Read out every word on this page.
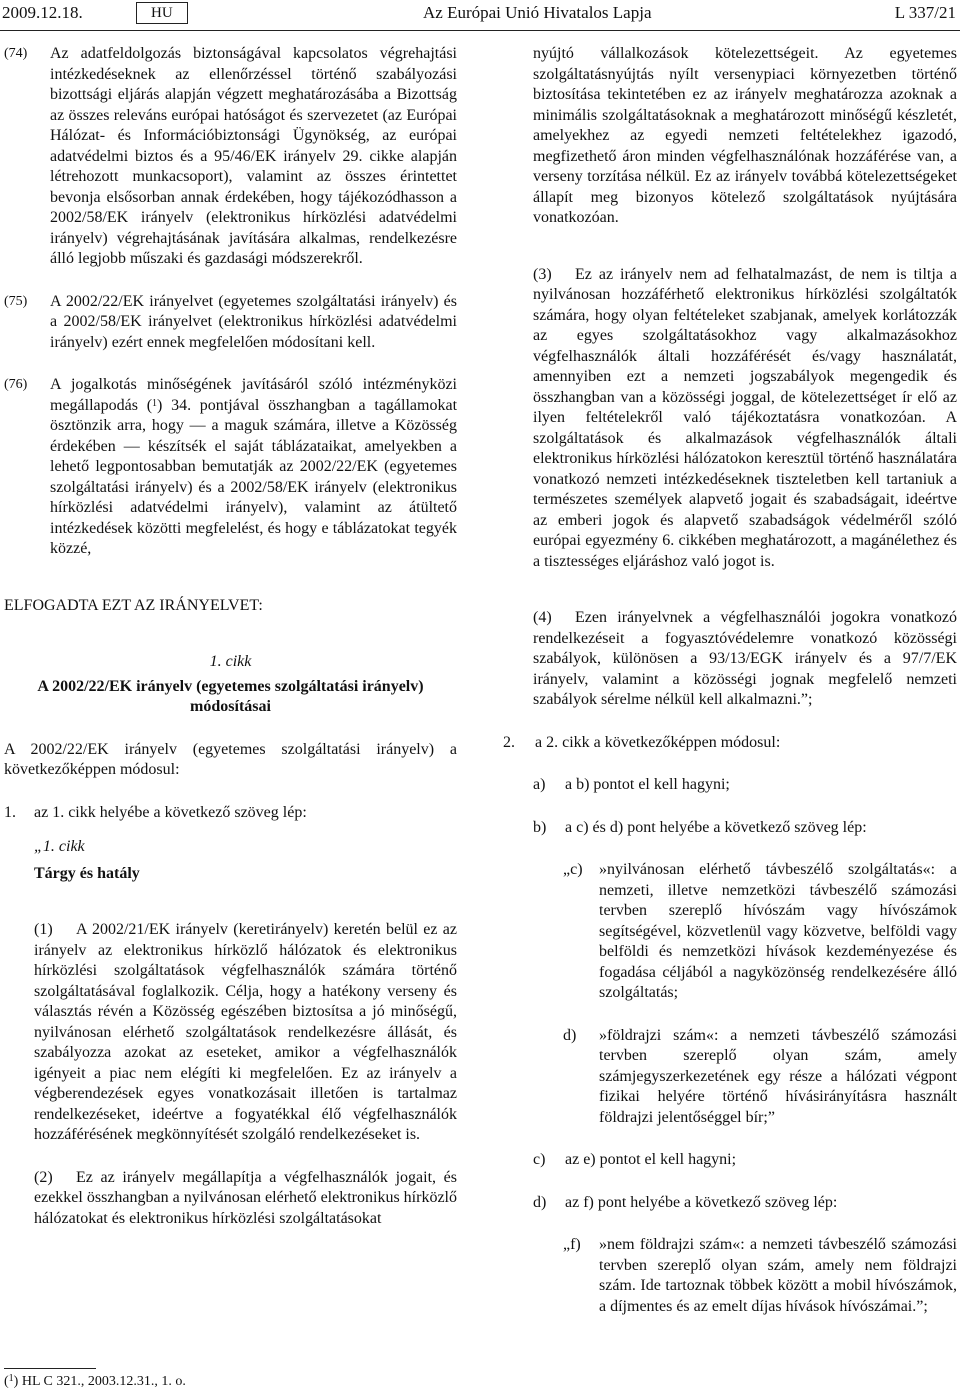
2009.12.18.	HU	Az Európai Unió Hivatalos Lapja	L 337/21
(74)	Az adatfeldolgozás biztonságával kapcsolatos végrehajtási intézkedéseknek az ellenőrzéssel történő szabályozási bizottsági eljárás alapján végzett meghatározásába a Bizottság az összes releváns európai hatóságot és szervezetet (az Európai Hálózat- és Információbiztonsági Ügynökség, az európai adatvédelmi biztos és a 95/46/EK irányelv 29. cikke alapján létrehozott munkacsoport), valamint az összes érintettet bevonja elsősorban annak érdekében, hogy tájékozódhasson a 2002/58/EK irányelv (elektronikus hírközlési adatvédelmi irányelv) végrehajtásának javítására alkalmas, rendelkezésre álló legjobb műszaki és gazdasági módszerekről.
(75)	A 2002/22/EK irányelvet (egyetemes szolgáltatási irányelv) és a 2002/58/EK irányelvet (elektronikus hírközlési adatvédelmi irányelv) ezért ennek megfelelően módosítani kell.
(76)	A jogalkotás minőségének javításáról szóló intézményközi megállapodás ($^1$) 34. pontjával összhangban a tagállamokat ösztönzik arra, hogy — a maguk számára, illetve a Közösség érdekében — készítsék el saját táblázataikat, amelyekben a lehető legpontosabban bemutatják az 2002/22/EK (egyetemes szolgáltatási irányelv) és a 2002/58/EK irányelv (elektronikus hírközlési adatvédelmi irányelv), valamint az átültető intézkedések közötti megfelelést, és hogy e táblázatokat tegyék közzé,
ELFOGADTA EZT AZ IRÁNYELVET:
1. cikk
A 2002/22/EK irányelv (egyetemes szolgáltatási irányelv) módosításai
A 2002/22/EK irányelv (egyetemes szolgáltatási irányelv) a következőképpen módosul:
1.	az 1. cikk helyébe a következő szöveg lép:
„1. cikk
Tárgy és hatály
(1) A 2002/21/EK irányelv (keretirányelv) keretén belül ez az irányelv az elektronikus hírközlő hálózatok és elektronikus hírközlési szolgáltatások végfelhasználók számára történő szolgáltatásával foglalkozik. Célja, hogy a hatékony verseny és választás révén a Közösség egészében biztosítsa a jó minőségű, nyilvánosan elérhető szolgáltatások rendelkezésre állását, és szabályozza azokat az eseteket, amikor a végfelhasználók igényeit a piac nem elégíti ki megfelelően. Ez az irányelv a végberendezések egyes vonatkozásait illetően is tartalmaz rendelkezéseket, ideértve a fogyatékkal élő végfelhasználók hozzáférésének megkönnyítését szolgáló rendelkezéseket is.
(2) Ez az irányelv megállapítja a végfelhasználók jogait, és ezekkel összhangban a nyilvánosan elérhető elektronikus hírközlő hálózatokat és elektronikus hírközlési szolgáltatásokat
nyújtó vállalkozások kötelezettségeit. Az egyetemes szolgáltatásnyújtás nyílt versenypiaci környezetben történő biztosítása tekintetében ez az irányelv meghatározza azoknak a minimális szolgáltatásoknak a meghatározott minőségű készletét, amelyekhez az egyedi nemzeti feltételekhez igazodó, megfizethető áron minden végfelhasználónak hozzáférése van, a verseny torzítása nélkül. Ez az irányelv továbbá kötelezettségeket állapít meg bizonyos kötelező szolgáltatások nyújtására vonatkozóan.
(3) Ez az irányelv nem ad felhatalmazást, de nem is tiltja a nyilvánosan hozzáférhető elektronikus hírközlési szolgáltatók számára, hogy olyan feltételeket szabjanak, amelyek korlátozzák az egyes szolgáltatásokhoz vagy alkalmazásokhoz végfelhasználók általi hozzáférését és/vagy használatát, amennyiben ezt a nemzeti jogszabályok megengedik és összhangban van a közösségi joggal, de kötelezettséget ír elő az ilyen feltételekről való tájékoztatásra vonatkozóan. A szolgáltatások és alkalmazások végfelhasználók általi elektronikus hírközlési hálózatokon keresztül történő használatára vonatkozó nemzeti intézkedéseknek tiszteletben kell tartaniuk a természetes személyek alapvető jogait és szabadságait, ideértve az emberi jogok és alapvető szabadságok védelméről szóló európai egyezmény 6. cikkében meghatározott, a magánélethez és a tisztességes eljáráshoz való jogot is.
(4) Ezen irányelvnek a végfelhasználói jogokra vonatkozó rendelkezéseit a fogyasztóvédelemre vonatkozó közösségi szabályok, különösen a 93/13/EGK irányelv és a 97/7/EK irányelv, valamint a közösségi jognak megfelelő nemzeti szabályok sérelme nélkül kell alkalmazni.”;
2.	a 2. cikk a következőképpen módosul:
a)	a b) pontot el kell hagyni;
b)	a c) és d) pont helyébe a következő szöveg lép:
„c)	»nyilvánosan elérhető távbeszélő szolgáltatás«: a nemzeti, illetve nemzetközi távbeszélő számozási tervben szereplő hívószám vagy hívószámok segítségével, közvetlenül vagy közvetve, belföldi vagy belföldi és nemzetközi hívások kezdeményezése és fogadása céljából a nagyközönség rendelkezésére álló szolgáltatás;
d)	»földrajzi szám«: a nemzeti távbeszélő számozási tervben szereplő olyan szám, amely számjegyszerkezetének egy része a hálózati végpont fizikai helyére történő hívásirányításra használt földrajzi jelentőséggel bír;”
c)	az e) pontot el kell hagyni;
d)	az f) pont helyébe a következő szöveg lép:
„f)	»nem földrajzi szám«: a nemzeti távbeszélő számozási tervben szereplő olyan szám, amely nem földrajzi szám. Ide tartoznak többek között a mobil hívószámok, a díjmentes és az emelt díjas hívások hívószámai.”;
($^1$) HL C 321., 2003.12.31., 1. o.
